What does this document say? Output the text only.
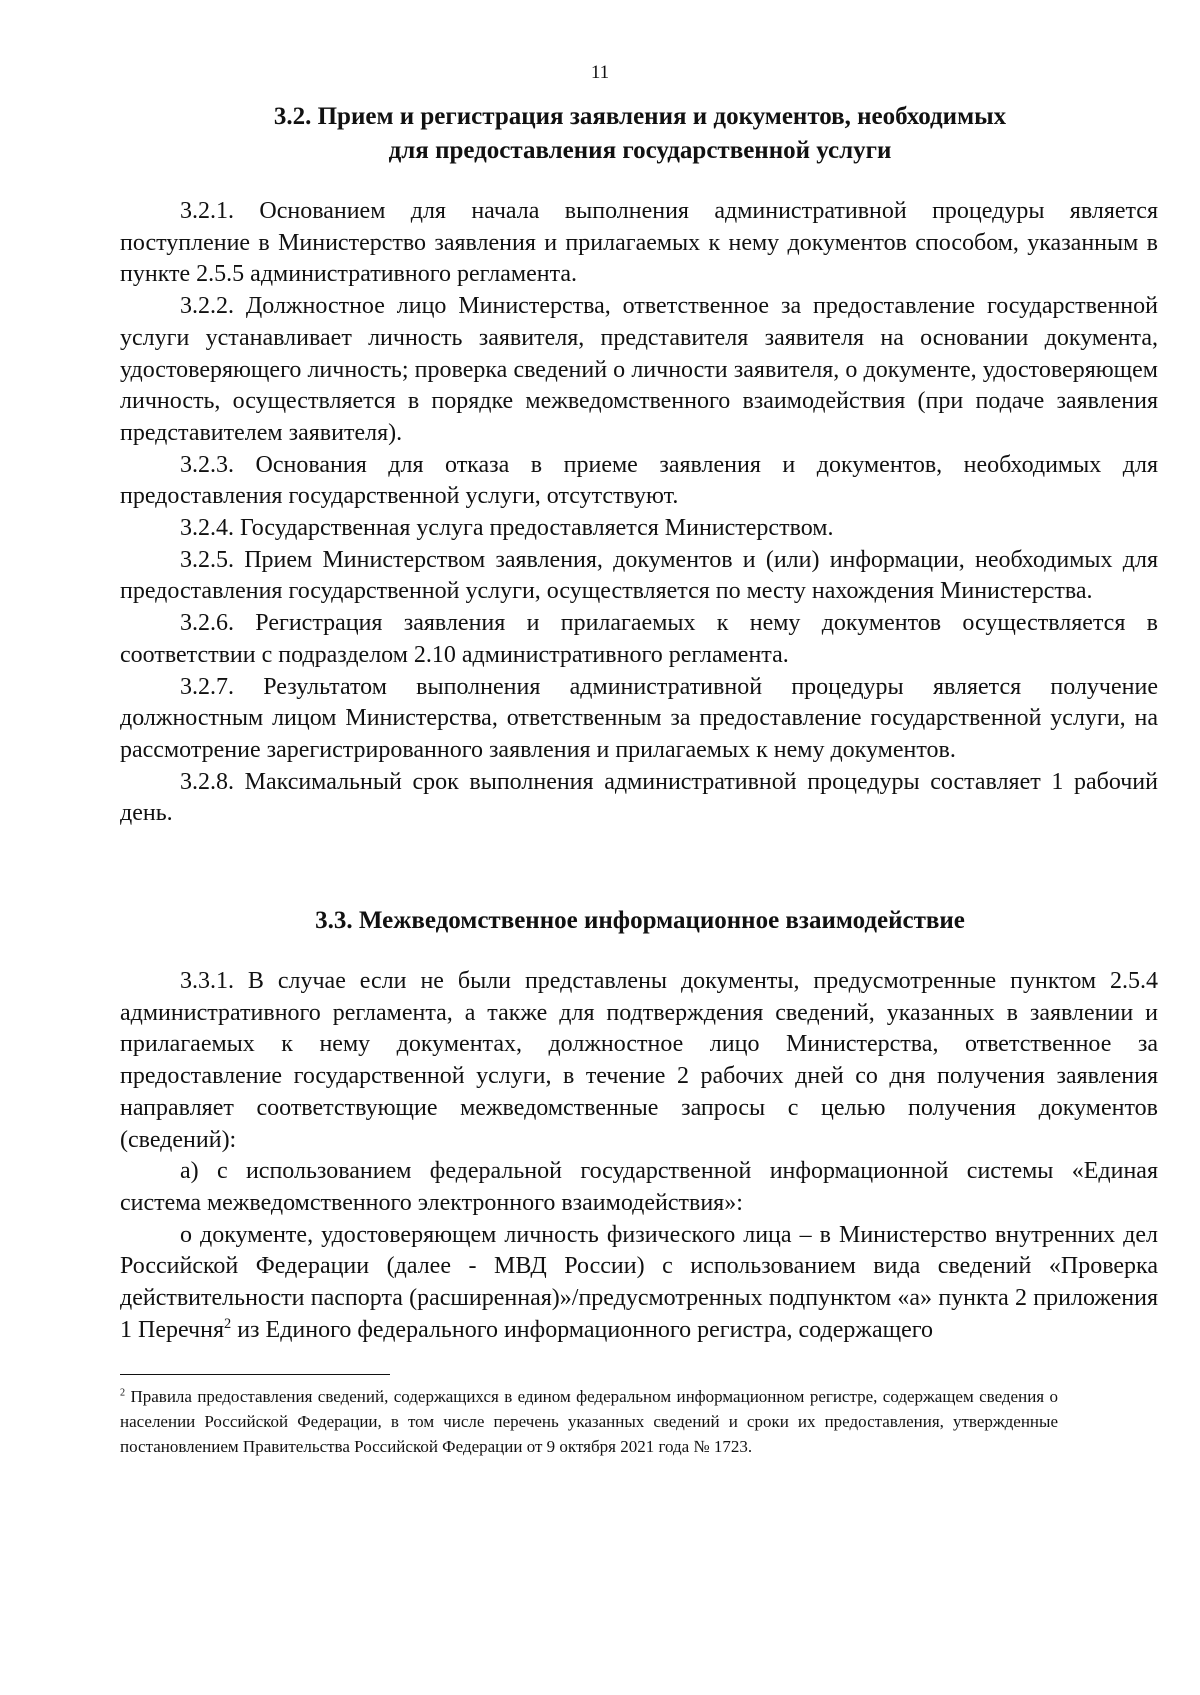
11
3.2. Прием и регистрация заявления и документов, необходимых
для предоставления государственной услуги

3.2.1. Основанием для начала выполнения административной процедуры является поступление в Министерство заявления и прилагаемых к нему документов способом, указанным в пункте 2.5.5 административного регламента.

3.2.2. Должностное лицо Министерства, ответственное за предоставление государственной услуги устанавливает личность заявителя, представителя заявителя на основании документа, удостоверяющего личность; проверка сведений о личности заявителя, о документе, удостоверяющем личность, осуществляется в порядке межведомственного взаимодействия (при подаче заявления представителем заявителя).

3.2.3. Основания для отказа в приеме заявления и документов, необходимых для предоставления государственной услуги, отсутствуют.

3.2.4. Государственная услуга предоставляется Министерством.

3.2.5. Прием Министерством заявления, документов и (или) информации, необходимых для предоставления государственной услуги, осуществляется по месту нахождения Министерства.

3.2.6. Регистрация заявления и прилагаемых к нему документов осуществляется в соответствии с подразделом 2.10 административного регламента.

3.2.7. Результатом выполнения административной процедуры является получение должностным лицом Министерства, ответственным за предоставление государственной услуги, на рассмотрение зарегистрированного заявления и прилагаемых к нему документов.

3.2.8. Максимальный срок выполнения административной процедуры составляет 1 рабочий день.

3.3. Межведомственное информационное взаимодействие

3.3.1. В случае если не были представлены документы, предусмотренные пунктом 2.5.4 административного регламента, а также для подтверждения сведений, указанных в заявлении и прилагаемых к нему документах, должностное лицо Министерства, ответственное за предоставление государственной услуги, в течение 2 рабочих дней со дня получения заявления направляет соответствующие межведомственные запросы с целью получения документов (сведений):

а) с использованием федеральной государственной информационной системы «Единая система межведомственного электронного взаимодействия»:

о документе, удостоверяющем личность физического лица – в Министерство внутренних дел Российской Федерации (далее - МВД России) с использованием вида сведений «Проверка действительности паспорта (расширенная)»/предусмотренных подпунктом «а» пункта 2 приложения 1 Перечня$^2$ из Единого федерального информационного регистра, содержащего

$^2$ Правила предоставления сведений, содержащихся в едином федеральном информационном регистре, содержащем сведения о населении Российской Федерации, в том числе перечень указанных сведений и сроки их предоставления, утвержденные постановлением Правительства Российской Федерации от 9 октября 2021 года № 1723.
